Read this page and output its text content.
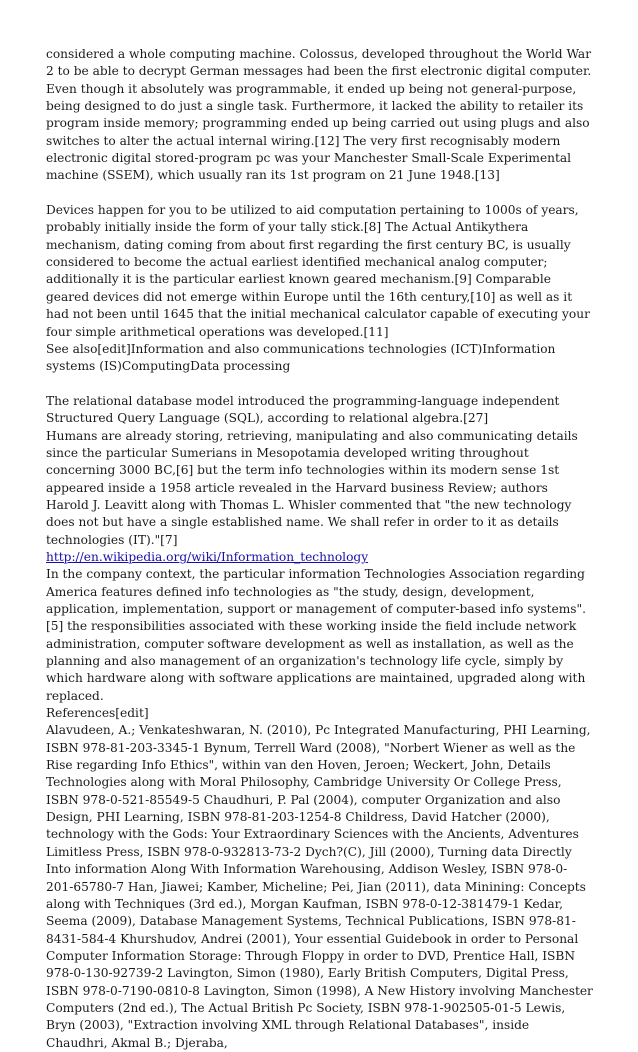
considered a whole computing machine. Colossus, developed throughout the World War 2 to be able to decrypt German messages had been the first electronic digital computer. Even though it absolutely was programmable, it ended up being not general-purpose, being designed to do just a single task. Furthermore, it lacked the ability to retailer its program inside memory; programming ended up being carried out using plugs and also switches to alter the actual internal wiring.[12] The very first recognisably modern electronic digital stored-program pc was your Manchester Small-Scale Experimental machine (SSEM), which usually ran its 1st program on 21 June 1948.[13]

Devices happen for you to be utilized to aid computation pertaining to 1000s of years, probably initially inside the form of your tally stick.[8] The Actual Antikythera mechanism, dating coming from about first regarding the first century BC, is usually considered to become the actual earliest identified mechanical analog computer; additionally it is the particular earliest known geared mechanism.[9] Comparable geared devices did not emerge within Europe until the 16th century,[10] as well as it had not been until 1645 that the initial mechanical calculator capable of executing your four simple arithmetical operations was developed.[11]

See also[edit]Information and also communications technologies (ICT)Information systems (IS)ComputingData processing

The relational database model introduced the programming-language independent Structured Query Language (SQL), according to relational algebra.[27]

Humans are already storing, retrieving, manipulating and also communicating details since the particular Sumerians in Mesopotamia developed writing throughout concerning 3000 BC,[6] but the term info technologies within its modern sense 1st appeared inside a 1958 article revealed in the Harvard business Review; authors Harold J. Leavitt along with Thomas L. Whisler commented that "the new technology does not but have a single established name. We shall refer in order to it as details technologies (IT)."[7]

http://en.wikipedia.org/wiki/Information_technology

In the company context, the particular information Technologies Association regarding America features defined info technologies as "the study, design, development, application, implementation, support or management of computer-based info systems".[5] the responsibilities associated with these working inside the field include network administration, computer software development as well as installation, as well as the planning and also management of an organization's technology life cycle, simply by which hardware along with software applications are maintained, upgraded along with replaced.

References[edit]

Alavudeen, A.; Venkateshwaran, N. (2010), Pc Integrated Manufacturing, PHI Learning, ISBN 978-81-203-3345-1 Bynum, Terrell Ward (2008), "Norbert Wiener as well as the Rise regarding Info Ethics", within van den Hoven, Jeroen; Weckert, John, Details Technologies along with Moral Philosophy, Cambridge University Or College Press, ISBN 978-0-521-85549-5 Chaudhuri, P. Pal (2004), computer Organization and also Design, PHI Learning, ISBN 978-81-203-1254-8 Childress, David Hatcher (2000), technology with the Gods: Your Extraordinary Sciences with the Ancients, Adventures Limitless Press, ISBN 978-0-932813-73-2 Dych?(C), Jill (2000), Turning data Directly Into information Along With Information Warehousing, Addison Wesley, ISBN 978-0-201-65780-7 Han, Jiawei; Kamber, Micheline; Pei, Jian (2011), data Minining: Concepts along with Techniques (3rd ed.), Morgan Kaufman, ISBN 978-0-12-381479-1 Kedar, Seema (2009), Database Management Systems, Technical Publications, ISBN 978-81-8431-584-4 Khurshudov, Andrei (2001), Your essential Guidebook in order to Personal Computer Information Storage: Through Floppy in order to DVD, Prentice Hall, ISBN 978-0-130-92739-2 Lavington, Simon (1980), Early British Computers, Digital Press, ISBN 978-0-7190-0810-8 Lavington, Simon (1998), A New History involving Manchester Computers (2nd ed.), The Actual British Pc Society, ISBN 978-1-902505-01-5 Lewis, Bryn (2003), "Extraction involving XML through Relational Databases", inside Chaudhri, Akmal B.; Djeraba,
